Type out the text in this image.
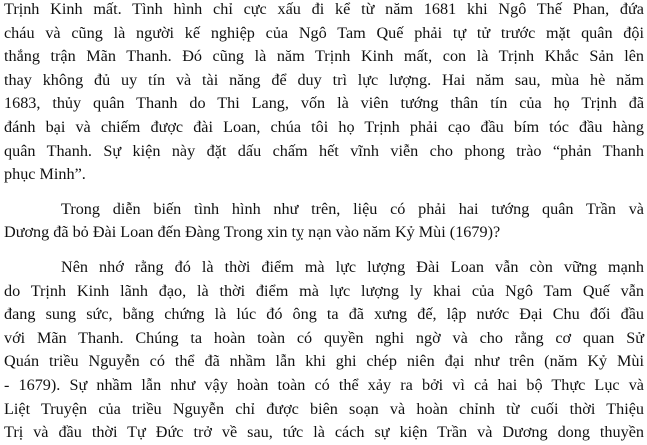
Trịnh Kinh mất. Tình hình chỉ cực xấu đi kể từ năm 1681 khi Ngô Thế Phan, đứa
cháu và cũng là người kế nghiệp của Ngô Tam Quế phải tự tử trước mặt quân đội
thắng trận Mãn Thanh. Đó cũng là năm Trịnh Kinh mất, con là Trịnh Khắc Sản lên
thay không đủ uy tín và tài năng để duy trì lực lượng. Hai năm sau, mùa hè năm
1683, thủy quân Thanh do Thi Lang, vốn là viên tướng thân tín của họ Trịnh đã
đánh bại và chiếm được đài Loan, chúa tôi họ Trịnh phải cạo đầu bím tóc đầu hàng
quân Thanh. Sự kiện này đặt dấu chấm hết vĩnh viễn cho phong trào “phản Thanh
phục Minh”.
Trong diễn biến tình hình như trên, liệu có phải hai tướng quân Trần và
Dương đã bỏ Đài Loan đến Đàng Trong xin tỵ nạn vào năm Kỷ Mùi (1679)?
Nên nhớ rằng đó là thời điểm mà lực lượng Đài Loan vẫn còn vững mạnh
do Trịnh Kinh lãnh đạo, là thời điểm mà lực lượng ly khai của Ngô Tam Quế vẫn
đang sung sức, bằng chứng là lúc đó ông ta đã xưng đế, lập nước Đại Chu đối đầu
với Mãn Thanh. Chúng ta hoàn toàn có quyền nghi ngờ và cho rằng cơ quan Sử
Quán triều Nguyễn có thể đã nhầm lẫn khi ghi chép niên đại như trên (năm Kỷ Mùi
- 1679). Sự nhầm lẫn như vậy hoàn toàn có thể xảy ra bởi vì cả hai bộ Thực Lục và
Liệt Truyện của triều Nguyễn chỉ được biên soạn và hoàn chỉnh từ cuối thời Thiệu
Trị và đầu thời Tự Đức trở về sau, tức là cách sự kiện Trần và Dương dong thuyền
